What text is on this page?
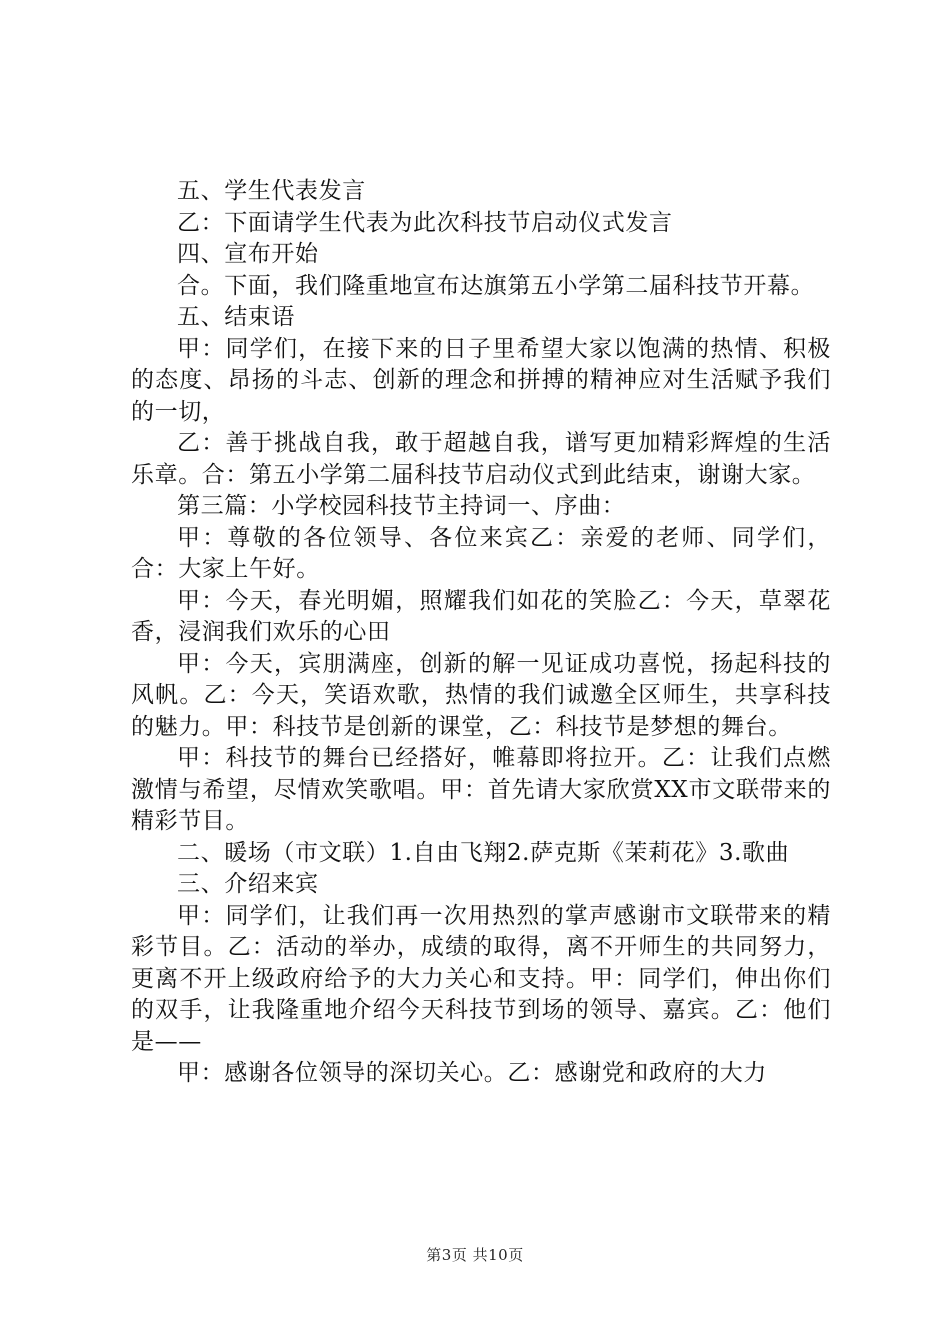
五、学生代表发言

乙：下面请学生代表为此次科技节启动仪式发言

四、宣布开始

合。下面，我们隆重地宣布达旗第五小学第二届科技节开幕。

五、结束语

甲：同学们，在接下来的日子里希望大家以饱满的热情、积极的态度、昂扬的斗志、创新的理念和拼搏的精神应对生活赋予我们的一切，

乙：善于挑战自我，敢于超越自我，谱写更加精彩辉煌的生活乐章。合：第五小学第二届科技节启动仪式到此结束，谢谢大家。

第三篇：小学校园科技节主持词一、序曲：

甲：尊敬的各位领导、各位来宾乙：亲爱的老师、同学们，合：大家上午好。

甲：今天，春光明媚，照耀我们如花的笑脸乙：今天，草翠花香，浸润我们欢乐的心田

甲：今天，宾朋满座，创新的解一见证成功喜悦，扬起科技的风帆。乙：今天，笑语欢歌，热情的我们诚邀全区师生，共享科技的魅力。甲：科技节是创新的课堂，乙：科技节是梦想的舞台。

甲：科技节的舞台已经搭好，帷幕即将拉开。乙：让我们点燃激情与希望，尽情欢笑歌唱。甲：首先请大家欣赏XX市文联带来的精彩节目。

二、暖场（市文联）1.自由飞翔2.萨克斯《茉莉花》3.歌曲

三、介绍来宾

甲：同学们，让我们再一次用热烈的掌声感谢市文联带来的精彩节目。乙：活动的举办，成绩的取得，离不开师生的共同努力，更离不开上级政府给予的大力关心和支持。甲：同学们，伸出你们的双手，让我隆重地介绍今天科技节到场的领导、嘉宾。乙：他们是——

甲：感谢各位领导的深切关心。乙：感谢党和政府的大力

第3页 共10页
